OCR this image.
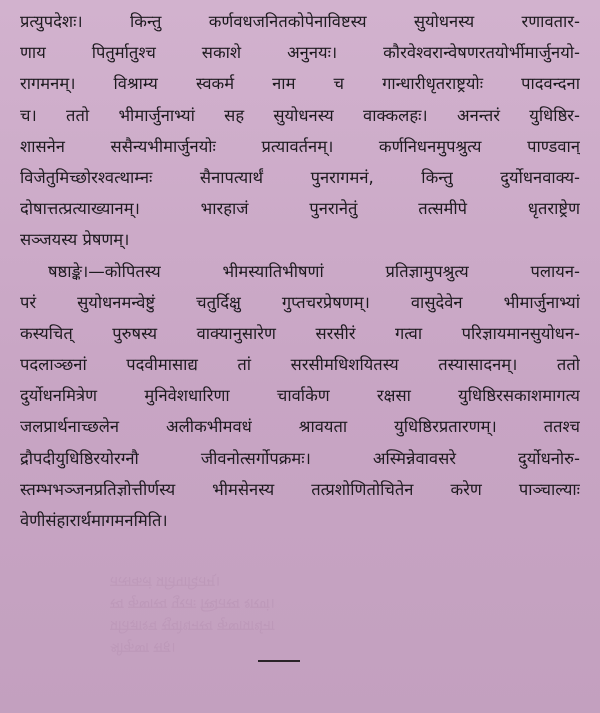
श्रीकृष्ण सह।
प्रतिज्ञाश्च सुयोधनस्य कृष्णप्रार्थना
स्य कृष्णस्य पुरतः स्थितस्य शरणं।
तत्सकलं प्रतिपादितम्।
प्रत्युपदेशः। किन्तु कर्णवधजनितकोपेनाविष्टस्य सुयोधनस्य रणावतार-
णाय पितुर्मातुश्च सकाशे अनुनयः। कौरवेश्वरान्वेषणरतयोर्भीमार्जुनयो-
रागमनम्। विश्राम्य स्वकर्म नाम च गान्धारीधृतराष्ट्रयोः पादवन्दना
च। ततो भीमार्जुनाभ्यां सह सुयोधनस्य वाक्कलहः। अनन्तरं युधिष्ठिर-
शासनेन ससैन्यभीमार्जुनयोः प्रत्यावर्तनम्। कर्णनिधनमुपश्रुत्य पाण्डवान्
विजेतुमिच्छोरश्वत्थाम्नः सैनापत्यार्थं पुनरागमनं, किन्तु दुर्योधनवाक्य-
दोषात्तत्प्रत्याख्यानम्। भारहाजं पुनरानेतुं तत्समीपे धृतराष्ट्रेण
सञ्जयस्य प्रेषणम्।
षष्ठाङ्के।—कोपितस्य भीमस्यातिभीषणां प्रतिज्ञामुपश्रुत्य पलायन-
परं सुयोधनमन्वेष्टुं चतुर्दिक्षु गुप्तचरप्रेषणम्। वासुदेवेन भीमार्जुनाभ्यां
कस्यचित् पुरुषस्य वाक्यानुसारेण सरसीरं गत्वा परिज्ञायमानसुयोधन-
पदलाञ्छनां पदवीमासाद्य तां सरसीमधिशयितस्य तस्यासादनम्। ततो
दुर्योधनमित्रेण मुनिवेशधारिणा चार्वाकेण रक्षसा युधिष्ठिरसकाशमागत्य
जलप्रार्थनाच्छलेन अलीकभीमवधं श्रावयता युधिष्ठिरप्रतारणम्। ततश्च
द्रौपदीयुधिष्ठिरयोरग्नौ जीवनोत्सर्गोपक्रमः। अस्मिन्नेवावसरे दुर्योधनोरु-
स्तम्भभञ्जनप्रतिज्ञोत्तीर्णस्य भीमसेनस्य तत्प्रशोणितोचितेन करेण पाञ्चाल्याः
वेणीसंहारार्थमागमनमिति।
